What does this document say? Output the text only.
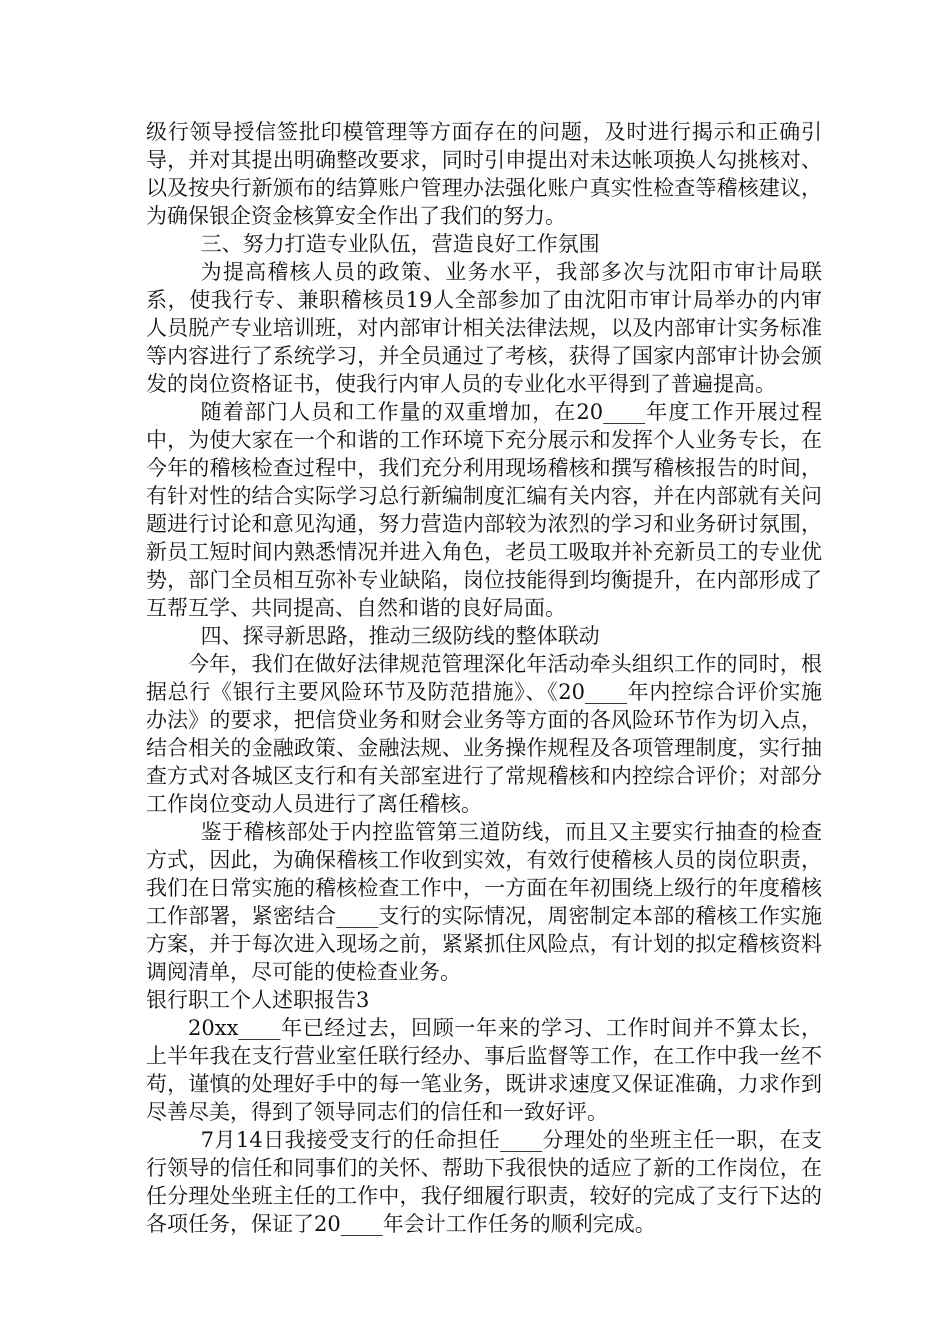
级行领导授信签批印模管理等方面存在的问题，及时进行揭示和正确引导，并对其提出明确整改要求，同时引申提出对未达帐项换人勾挑核对、以及按央行新颁布的结算账户管理办法强化账户真实性检查等稽核建议，为确保银企资金核算安全作出了我们的努力。

三、努力打造专业队伍，营造良好工作氛围

为提高稽核人员的政策、业务水平，我部多次与沈阳市审计局联系，使我行专、兼职稽核员19人全部参加了由沈阳市审计局举办的内审人员脱产专业培训班，对内部审计相关法律法规，以及内部审计实务标准等内容进行了系统学习，并全员通过了考核，获得了国家内部审计协会颁发的岗位资格证书，使我行内审人员的专业化水平得到了普遍提高。

随着部门人员和工作量的双重增加，在20____年度工作开展过程中，为使大家在一个和谐的工作环境下充分展示和发挥个人业务专长，在今年的稽核检查过程中，我们充分利用现场稽核和撰写稽核报告的时间，有针对性的结合实际学习总行新编制度汇编有关内容，并在内部就有关问题进行讨论和意见沟通，努力营造内部较为浓烈的学习和业务研讨氛围，新员工短时间内熟悉情况并进入角色，老员工吸取并补充新员工的专业优势，部门全员相互弥补专业缺陷，岗位技能得到均衡提升，在内部形成了互帮互学、共同提高、自然和谐的良好局面。

四、探寻新思路，推动三级防线的整体联动

今年，我们在做好法律规范管理深化年活动牵头组织工作的同时，根据总行《银行主要风险环节及防范措施》、《20____年内控综合评价实施办法》的要求，把信贷业务和财会业务等方面的各风险环节作为切入点，结合相关的金融政策、金融法规、业务操作规程及各项管理制度，实行抽查方式对各城区支行和有关部室进行了常规稽核和内控综合评价；对部分工作岗位变动人员进行了离任稽核。

鉴于稽核部处于内控监管第三道防线，而且又主要实行抽查的检查方式，因此，为确保稽核工作收到实效，有效行使稽核人员的岗位职责，我们在日常实施的稽核检查工作中，一方面在年初围绕上级行的年度稽核工作部署，紧密结合____支行的实际情况，周密制定本部的稽核工作实施方案，并于每次进入现场之前，紧紧抓住风险点，有计划的拟定稽核资料调阅清单，尽可能的使检查业务。

银行职工个人述职报告3

20xx____年已经过去，回顾一年来的学习、工作时间并不算太长，上半年我在支行营业室任联行经办、事后监督等工作，在工作中我一丝不苟，谨慎的处理好手中的每一笔业务，既讲求速度又保证准确，力求作到尽善尽美，得到了领导同志们的信任和一致好评。

7月14日我接受支行的任命担任____分理处的坐班主任一职，在支行领导的信任和同事们的关怀、帮助下我很快的适应了新的工作岗位，在任分理处坐班主任的工作中，我仔细履行职责，较好的完成了支行下达的各项任务，保证了20____年会计工作任务的顺利完成。
